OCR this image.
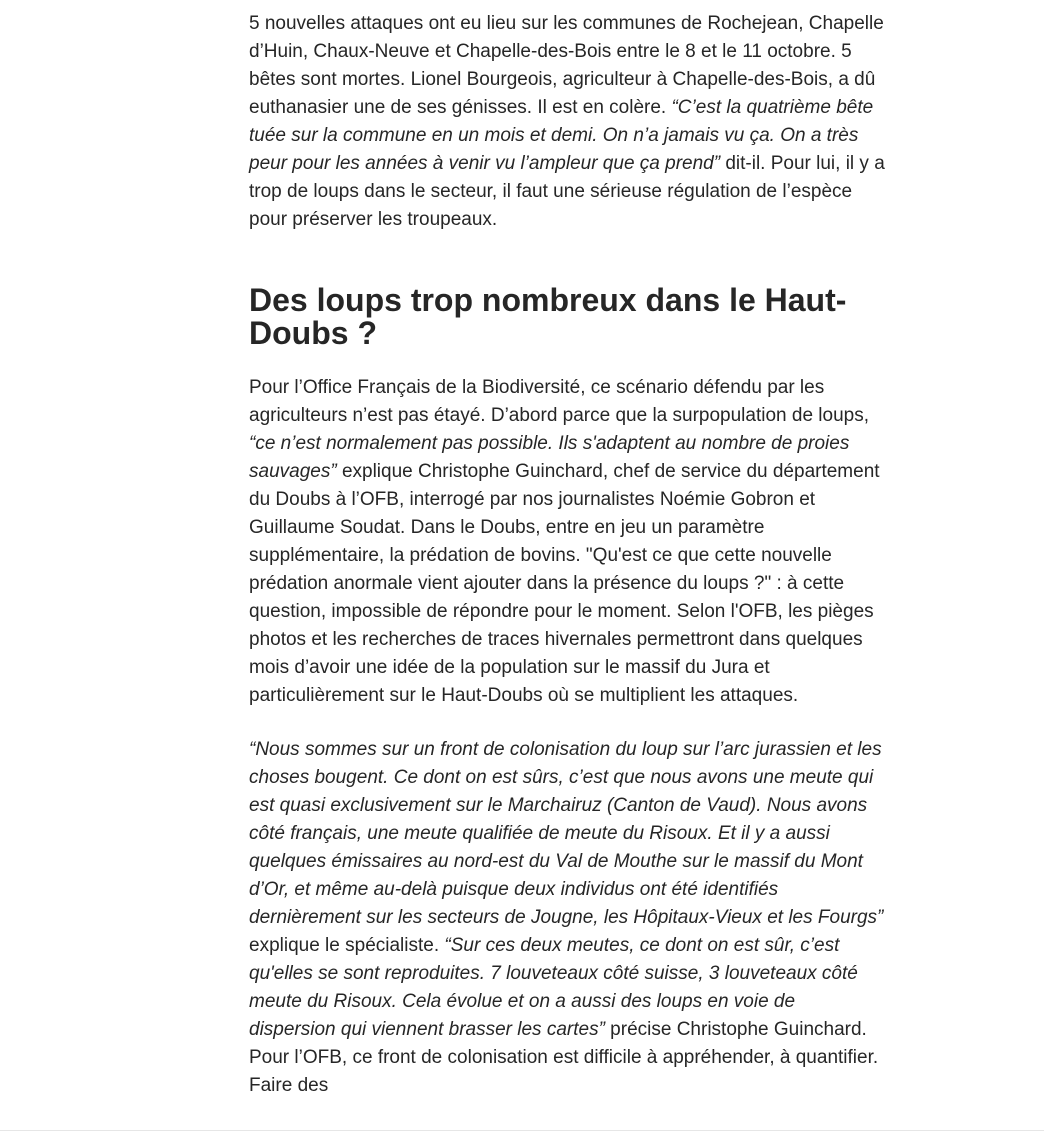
5 nouvelles attaques ont eu lieu sur les communes de Rochejean, Chapelle d’Huin, Chaux-Neuve et Chapelle-des-Bois entre le 8 et le 11 octobre. 5 bêtes sont mortes. Lionel Bourgeois, agriculteur à Chapelle-des-Bois, a dû euthanasier une de ses génisses. Il est en colère. “C’est la quatrième bête tuée sur la commune en un mois et demi. On n’a jamais vu ça. On a très peur pour les années à venir vu l’ampleur que ça prend” dit-il. Pour lui, il y a trop de loups dans le secteur, il faut une sérieuse régulation de l’espèce pour préserver les troupeaux.

Des loups trop nombreux dans le Haut-Doubs ?

Pour l’Office Français de la Biodiversité, ce scénario défendu par les agriculteurs n’est pas étayé. D’abord parce que la surpopulation de loups, “ce n’est normalement pas possible. Ils s'adaptent au nombre de proies sauvages” explique Christophe Guinchard, chef de service du département du Doubs à l’OFB, interrogé par nos journalistes Noémie Gobron et Guillaume Soudat. Dans le Doubs, entre en jeu un paramètre supplémentaire, la prédation de bovins. "Qu'est ce que cette nouvelle prédation anormale vient ajouter dans la présence du loups ?" : à cette question, impossible de répondre pour le moment. Selon l'OFB, les pièges photos et les recherches de traces hivernales permettront dans quelques mois d’avoir une idée de la population sur le massif du Jura et particulièrement sur le Haut-Doubs où se multiplient les attaques.

“Nous sommes sur un front de colonisation du loup sur l’arc jurassien et les choses bougent. Ce dont on est sûrs, c’est que nous avons une meute qui est quasi exclusivement sur le Marchairuz (Canton de Vaud). Nous avons côté français, une meute qualifiée de meute du Risoux. Et il y a aussi quelques émissaires au nord-est du Val de Mouthe sur le massif du Mont d’Or, et même au-delà puisque deux individus ont été identifiés dernièrement sur les secteurs de Jougne, les Hôpitaux-Vieux et les Fourgs” explique le spécialiste. “Sur ces deux meutes, ce dont on est sûr, c’est qu'elles se sont reproduites. 7 louveteaux côté suisse, 3 louveteaux côté meute du Risoux. Cela évolue et on a aussi des loups en voie de dispersion qui viennent brasser les cartes” précise Christophe Guinchard. Pour l’OFB, ce front de colonisation est difficile à appréhender, à quantifier. Faire des
